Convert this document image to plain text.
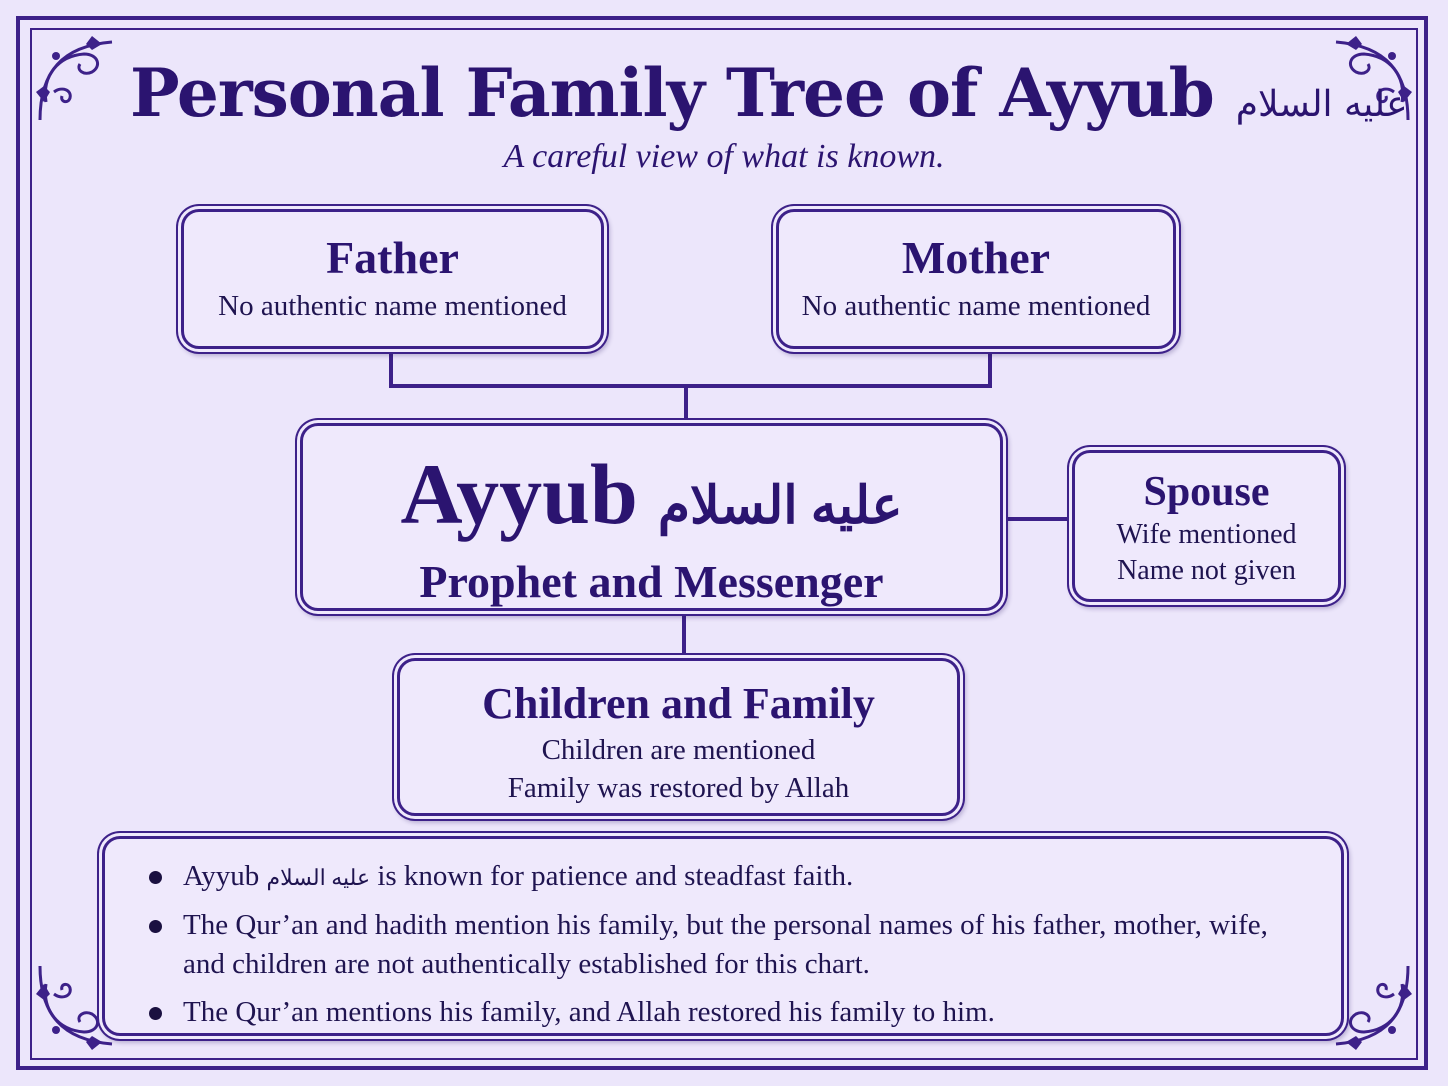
Personal Family Tree of Ayyub عليه السلام
A careful view of what is known.
Father
No authentic name mentioned
Mother
No authentic name mentioned
Ayyub عليه السلام
Prophet and Messenger
Spouse
Wife mentioned
Name not given
Children and Family
Children are mentioned
Family was restored by Allah
Ayyub عليه السلام is known for patience and steadfast faith.
The Qur’an and hadith mention his family, but the personal names of his father, mother, wife, and children are not authentically established for this chart.
The Qur’an mentions his family, and Allah restored his family to him.
